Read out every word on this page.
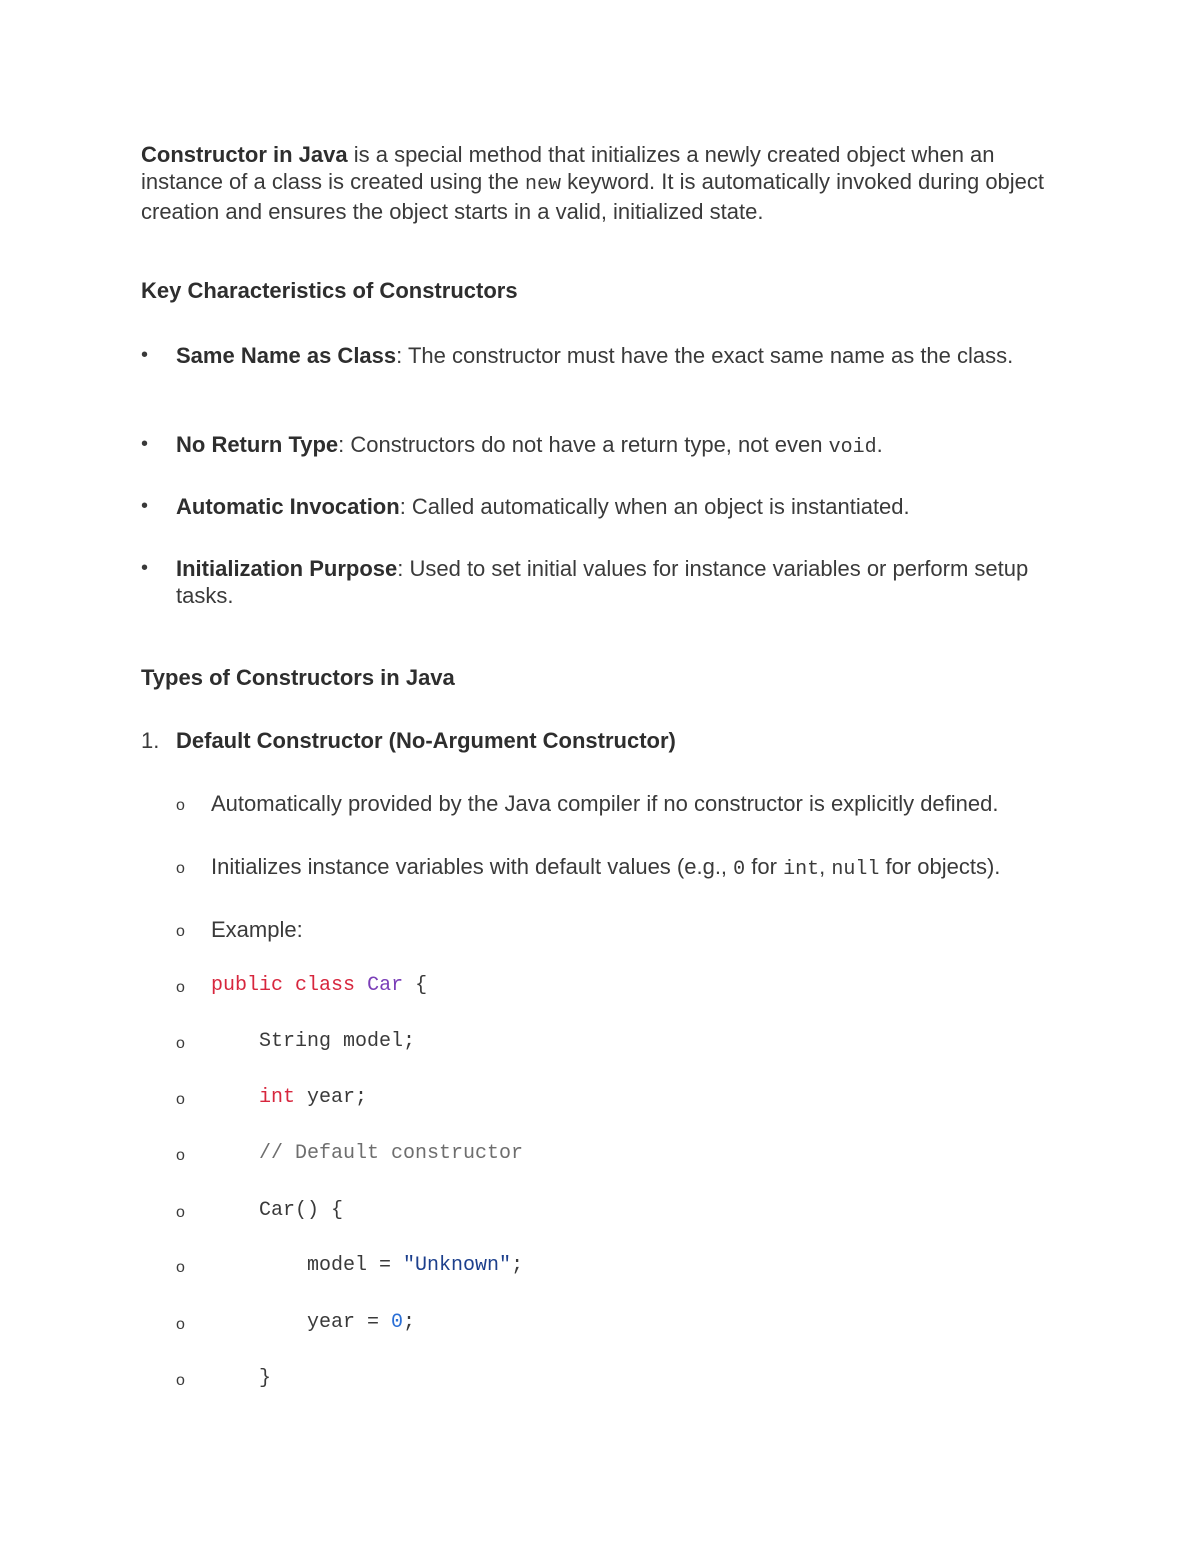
Constructor in Java is a special method that initializes a newly created object when an instance of a class is created using the new keyword. It is automatically invoked during object creation and ensures the object starts in a valid, initialized state.

Key Characteristics of Constructors

• Same Name as Class: The constructor must have the exact same name as the class.
• No Return Type: Constructors do not have a return type, not even void.
• Automatic Invocation: Called automatically when an object is instantiated.
• Initialization Purpose: Used to set initial values for instance variables or perform setup tasks.

Types of Constructors in Java

1. Default Constructor (No-Argument Constructor)
o Automatically provided by the Java compiler if no constructor is explicitly defined.
o Initializes instance variables with default values (e.g., 0 for int, null for objects).
o Example:
o public class Car {
o String model;
o	int year;
o // Default constructor
o Car() {
o model = "Unknown";
o year = 0;
o }
